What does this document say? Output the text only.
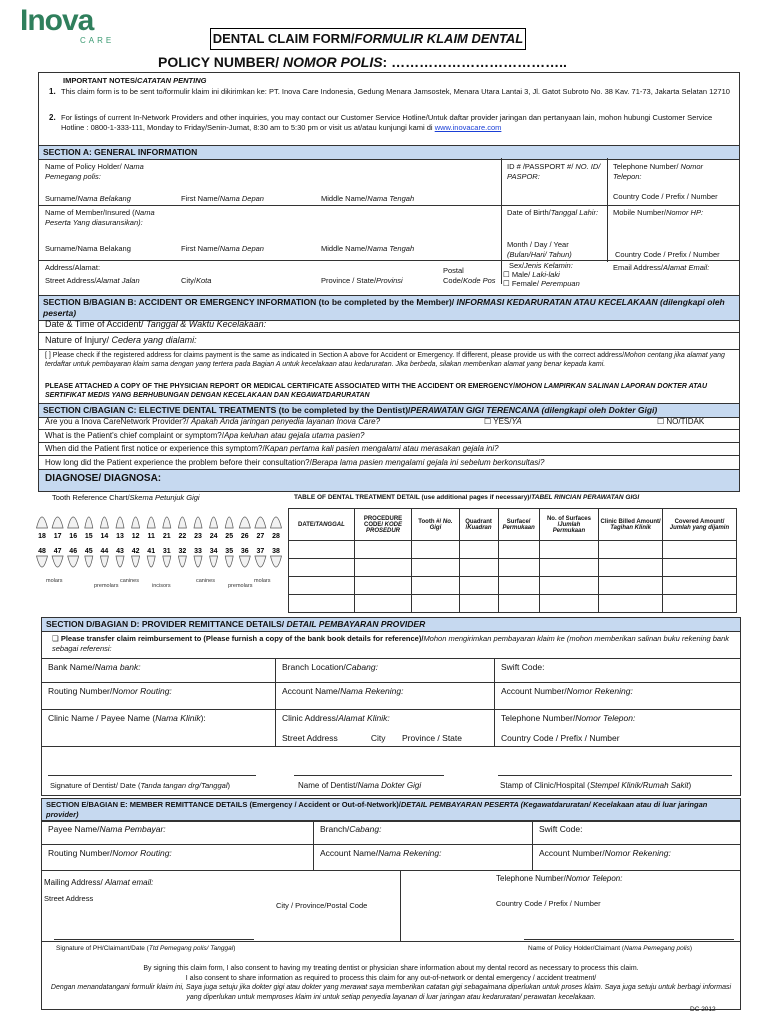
Inova
CARE	DENTAL CLAIM FORM/FORMULIR KLAIM DENTAL
POLICY NUMBER/ NOMOR POLIS: ………………………………..
IMPORTANT NOTES/CATATAN PENTING
1. This claim form is to be sent to/formulir klaim ini dikirimkan ke: PT. Inova Care Indonesia, Gedung Menara Jamsostek, Menara Utara Lantai 3, Jl. Gatot Subroto No. 38 Kav. 71-73, Jakarta Selatan 12710
2. For listings of current In-Network Providers and other inquiries, you may contact our Customer Service Hotline/Untuk daftar provider jaringan dan pertanyaan lain, mohon hubungi Customer Service Hotline : 0800-1-333-111, Monday to Friday/Senin-Jumat, 8:30 am to 5:30 pm or visit us at/atau kunjungi kami di www.inovacare.com
SECTION A: GENERAL INFORMATION
Name of Policy Holder/ Nama Pemegang polis:
ID # /PASSPORT #/ NO. ID/ PASPOR:
Telephone Number/ Nomor Telepon:
Country Code / Prefix / Number
Surname/Nama Belakang	First Name/Nama Depan	Middle Name/Nama Tengah
Name of Member/Insured (Nama Peserta Yang diasuransikan):
Date of Birth/Tanggal Lahir:
Month / Day / Year
(Bulan/Hari/ Tahun)
Mobile Number/Nomor HP:
Country Code / Prefix / Number
Surname/Nama Belakang	First Name/Nama Depan	Middle Name/Nama Tengah
Address/Alamat:
Street Address/Alamat Jalan	City/Kota	Province / State/Provinsi
Postal Code/Kode Pos
Sex/Jenis Kelamin:
☐ Male/ Laki-laki
☐ Female/ Perempuan
Email Address/Alamat Email:
SECTION B/BAGIAN B: ACCIDENT OR EMERGENCY INFORMATION (to be completed by the Member)/ INFORMASI KEDARURATAN ATAU KECELAKAAN (dilengkapi oleh peserta)
Date & Time of Accident/ Tanggal & Waktu Kecelakaan:
Nature of Injury/ Cedera yang dialami:
[ ] Please check if the registered address for claims payment is the same as indicated in Section A above for Accident or Emergency. If different, please provide us with the correct address/Mohon centang jika alamat yang terdaftar untuk pembayaran klaim sama dengan yang tertera pada Bagian A untuk kecelakaan atau kedaruratan. Jika berbeda, silakan memberikan alamat yang benar kepada kami.
PLEASE ATTACHED A COPY OF THE PHYSICIAN REPORT OR MEDICAL CERTIFICATE ASSOCIATED WITH THE ACCIDENT OR EMERGENCY/MOHON LAMPIRKAN SALINAN LAPORAN DOKTER ATAU SERTIFIKAT MEDIS YANG BERHUBUNGAN DENGAN KECELAKAAN DAN KEGAWATDARURATAN
SECTION C/BAGIAN C: ELECTIVE DENTAL TREATMENTS (to be completed by the Dentist)/PERAWATAN GIGI TERENCANA (dilengkapi oleh Dokter Gigi)
Are you a Inova CareNetwork Provider?/ Apakah Anda jaringan penyedia layanan Inova Care?	☐ YES/YA	☐ NO/TIDAK
What is the Patient's chief complaint or symptom?/Apa keluhan atau gejala utama pasien?
When did the Patient first notice or experience this symptom?/Kapan pertama kali pasien mengalami atau merasakan gejala ini?
How long did the Patient experience the problem before their consultation?/Berapa lama pasien mengalami gejala ini sebelum berkonsultasi?
DIAGNOSE/ DIAGNOSA:
Tooth Reference Chart/Skema Petunjuk Gigi
18 17 16 15 14 13 12 11 21 22 23 24 25 26 27 28
48 47 46 45 44 43 42 41 31 32 33 34 35 36 37 38
molars
premolars
canines
incisors
canines
premolars
molars
TABLE OF DENTAL TREATMENT DETAIL (use additional pages if necessary)/TABEL RINCIAN PERAWATAN GIGI
DATE/TANGGAL	PROCEDURE CODE/ KODE PROSEDUR	Tooth #/ No. Gigi	Quadrant /Kuadran	Surface/ Permukaan	No. of Surfaces /Jumlah Permukaan	Clinic Billed Amount/ Tagihan Klinik	Covered Amount/ Jumlah yang dijamin

SECTION D/BAGIAN D: PROVIDER REMITTANCE DETAILS/ DETAIL PEMBAYARAN PROVIDER
❏ Please transfer claim reimbursement to (Please furnish a copy of the bank book details for reference)/Mohon mengirimkan pembayaran klaim ke (mohon memberikan salinan buku rekening bank sebagai referensi:
Bank Name/Nama bank:	Branch Location/Cabang:	Swift Code:
Routing Number/Nomor Routing:	Account Name/Nama Rekening:	Account Number/Nomor Rekening:
Clinic Name / Payee Name (Nama Klinik):	Clinic Address/Alamat Klinik:

Street Address City Province / State	Telephone Number/Nomor Telepon:

Country Code / Prefix / Number
Signature of Dentist/ Date (Tanda tangan drg/Tanggal)	Name of Dentist/Nama Dokter Gigi	Stamp of Clinic/Hospital (Stempel Klinik/Rumah Sakit)
SECTION E/BAGIAN E: MEMBER REMITTANCE DETAILS (Emergency / Accident or Out-of-Network)/DETAIL PEMBAYARAN PESERTA (Kegawatdaruratan/ Kecelakaan atau di luar jaringan provider)
Payee Name/Nama Pembayar:	Branch/Cabang:	Swift Code:
Routing Number/Nomor Routing:	Account Name/Nama Rekening:	Account Number/Nomor Rekening:
Mailing Address/ Alamat email:
Street Address
City / Province/Postal Code
Telephone Number/Nomor Telepon:
Country Code / Prefix / Number
Signature of PH/Claimant/Date (Ttd Pemegang polis/ Tanggal)	Name of Policy Holder/Claimant (Nama Pemegang polis)
By signing this claim form, I also consent to having my treating dentist or physician share information about my dental record as necessary to process this claim.
I also consent to share information as required to process this claim for any out-of-network or dental emergency / accident treatment/
Dengan menandatangani formulir klaim ini, Saya juga setuju jika dokter gigi atau dokter yang merawat saya memberikan catatan gigi sebagaimana diperlukan untuk proses klaim. Saya juga setuju untuk berbagi informasi yang diperlukan untuk memproses klaim ini untuk setiap penyedia layanan di luar jaringan atau kedaruratan/ perawatan kecelakaan.
DC 2012
